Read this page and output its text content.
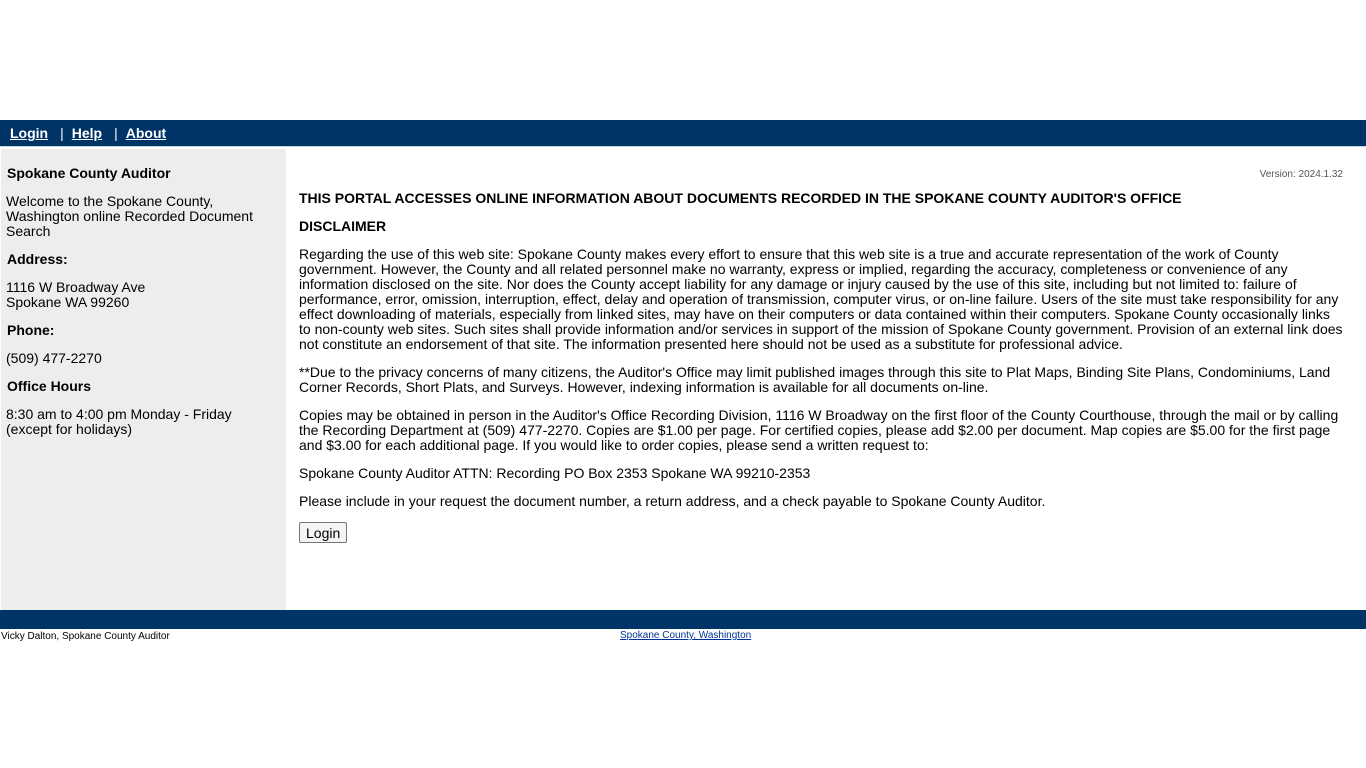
Login | Help | About
Spokane County Auditor

Welcome to the Spokane County, Washington online Recorded Document Search

Address:

1116 W Broadway Ave
Spokane WA 99260

Phone:

(509) 477-2270

Office Hours

8:30 am to 4:00 pm Monday - Friday
(except for holidays)

Version: 2024.1.32
THIS PORTAL ACCESSES ONLINE INFORMATION ABOUT DOCUMENTS RECORDED IN THE SPOKANE COUNTY AUDITOR'S OFFICE
DISCLAIMER

Regarding the use of this web site: Spokane County makes every effort to ensure that this web site is a true and accurate representation of the work of County government. However, the County and all related personnel make no warranty, express or implied, regarding the accuracy, completeness or convenience of any information disclosed on the site. Nor does the County accept liability for any damage or injury caused by the use of this site, including but not limited to: failure of performance, error, omission, interruption, effect, delay and operation of transmission, computer virus, or on-line failure. Users of the site must take responsibility for any effect downloading of materials, especially from linked sites, may have on their computers or data contained within their computers. Spokane County occasionally links to non-county web sites. Such sites shall provide information and/or services in support of the mission of Spokane County government. Provision of an external link does not constitute an endorsement of that site. The information presented here should not be used as a substitute for professional advice.

**Due to the privacy concerns of many citizens, the Auditor's Office may limit published images through this site to Plat Maps, Binding Site Plans, Condominiums, Land Corner Records, Short Plats, and Surveys. However, indexing information is available for all documents on-line.

Copies may be obtained in person in the Auditor's Office Recording Division, 1116 W Broadway on the first floor of the County Courthouse, through the mail or by calling the Recording Department at (509) 477-2270. Copies are $1.00 per page. For certified copies, please add $2.00 per document. Map copies are $5.00 for the first page and $3.00 for each additional page. If you would like to order copies, please send a written request to:

Spokane County Auditor ATTN: Recording PO Box 2353 Spokane WA 99210-2353

Please include in your request the document number, a return address, and a check payable to Spokane County Auditor.

Login
Vicky Dalton, Spokane County Auditor	Spokane County, Washington
